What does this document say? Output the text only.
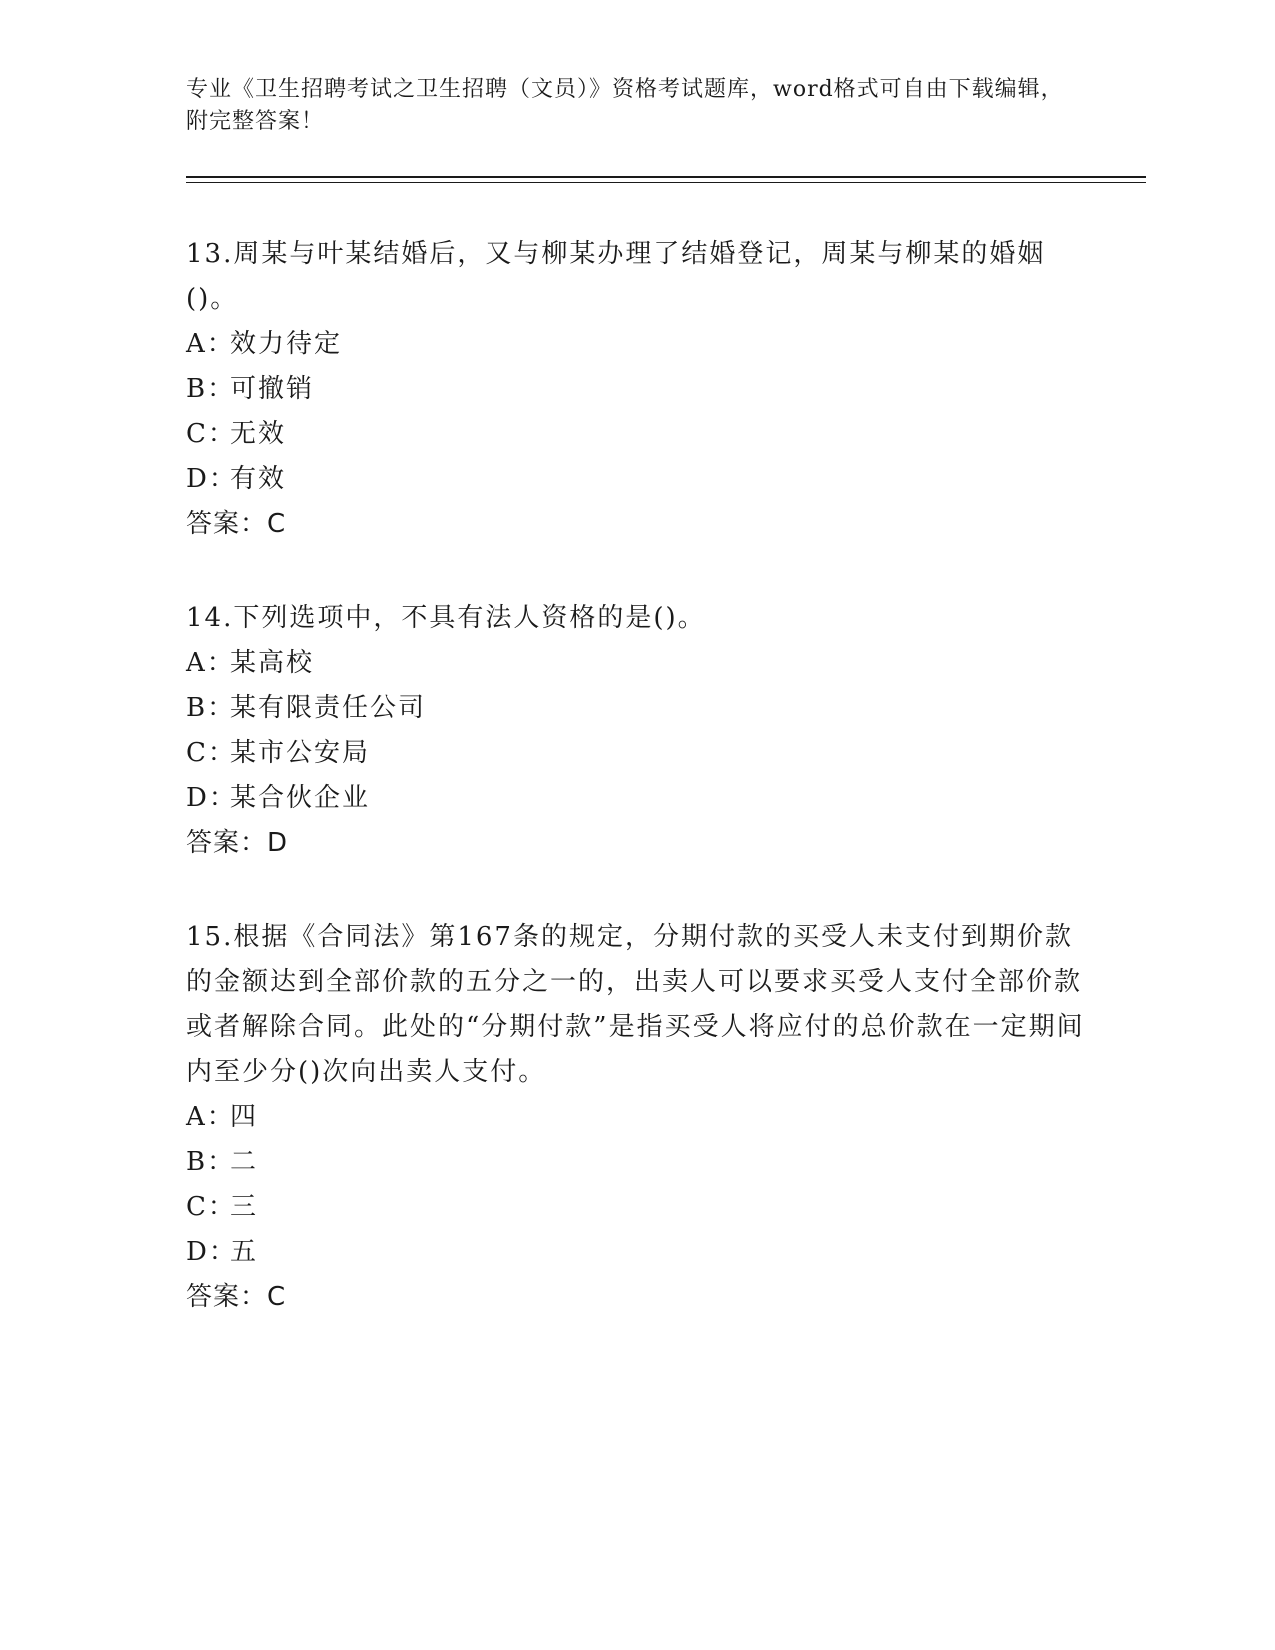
专业《卫生招聘考试之卫生招聘（文员）》资格考试题库，word格式可自由下载编辑，附完整答案！

13.周某与叶某结婚后，又与柳某办理了结婚登记，周某与柳某的婚姻()。

A：效力待定

B：可撤销

C：无效

D：有效

答案：C

14.下列选项中，不具有法人资格的是()。

A：某高校

B：某有限责任公司

C：某市公安局

D：某合伙企业

答案：D

15.根据《合同法》第167条的规定，分期付款的买受人未支付到期价款的金额达到全部价款的五分之一的，出卖人可以要求买受人支付全部价款或者解除合同。此处的“分期付款”是指买受人将应付的总价款在一定期间内至少分()次向出卖人支付。

A：四

B：二

C：三

D：五

答案：C
